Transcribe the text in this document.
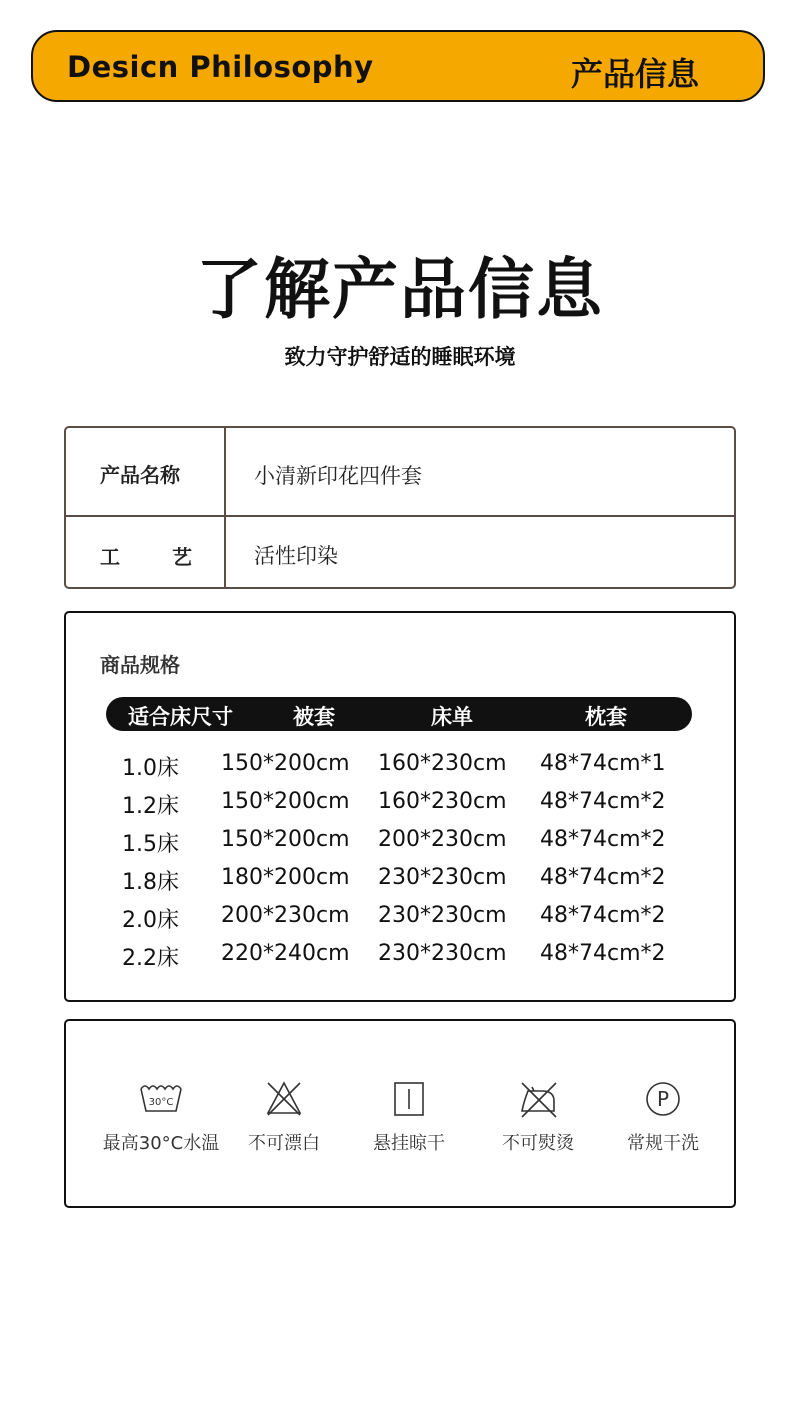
Desicn Philosophy	产品信息
了解产品信息
致力守护舒适的睡眠环境
产品名称	小清新印花四件套
工艺	活性印染
商品规格
适合床尺寸	被套	床单	枕套
1.0床 150*200cm 160*230cm 48*74cm*1
1.2床 150*200cm 160*230cm 48*74cm*2
1.5床 150*200cm 200*230cm 48*74cm*2
1.8床 180*200cm 230*230cm 48*74cm*2
2.0床 200*230cm 230*230cm 48*74cm*2
2.2床 220*240cm 230*230cm 48*74cm*2
30°C
最高30°C水温	不可漂白	悬挂晾干	不可熨烫
P
常规干洗
